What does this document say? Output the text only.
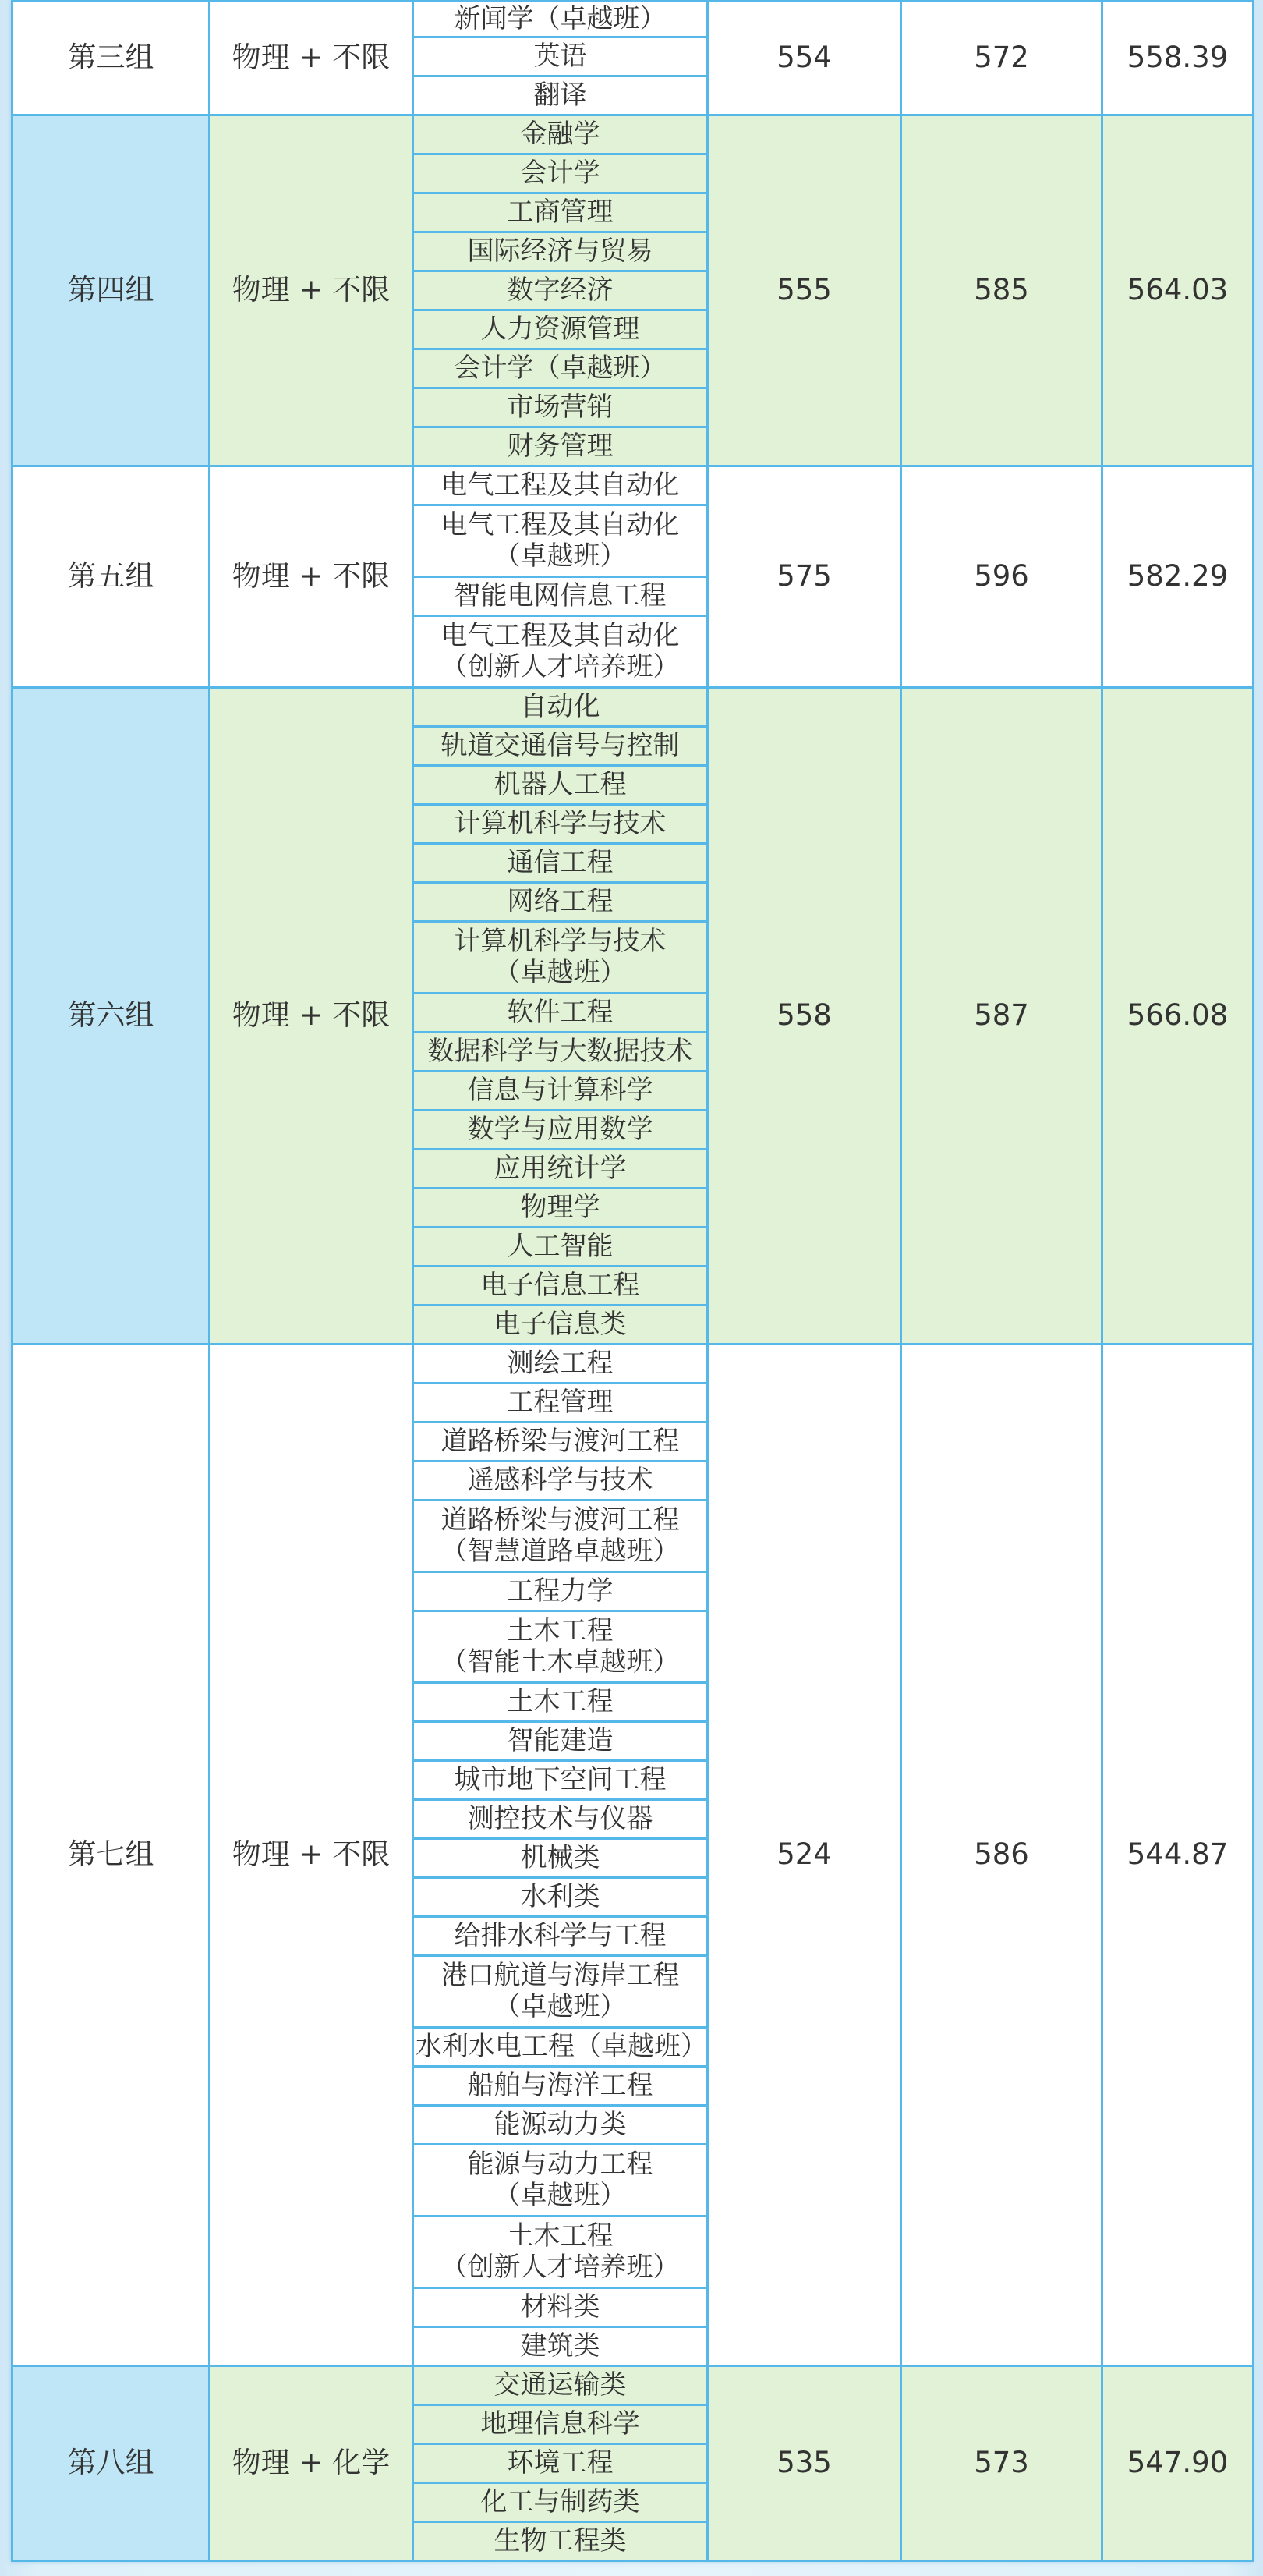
第三组	物理 + 不限	新闻学（卓越班）	554	572	558.39
		英语			
		翻译			
第四组	物理 + 不限	金融学	555	585	564.03
		会计学			
		工商管理			
		国际经济与贸易			
		数字经济			
		人力资源管理			
		会计学（卓越班）			
		市场营销			
		财务管理			
第五组	物理 + 不限	电气工程及其自动化	575	596	582.29
		电气工程及其自动化
（卓越班）			
		智能电网信息工程			
		电气工程及其自动化
（创新人才培养班）			
第六组	物理 + 不限	自动化	558	587	566.08
		轨道交通信号与控制			
		机器人工程			
		计算机科学与技术			
		通信工程			
		网络工程			
		计算机科学与技术
（卓越班）			
		软件工程			
		数据科学与大数据技术			
		信息与计算科学			
		数学与应用数学			
		应用统计学			
		物理学			
		人工智能			
		电子信息工程			
		电子信息类			
第七组	物理 + 不限	测绘工程	524	586	544.87
		工程管理			
		道路桥梁与渡河工程			
		遥感科学与技术			
		道路桥梁与渡河工程
（智慧道路卓越班）			
		工程力学			
		土木工程
（智能土木卓越班）			
		土木工程			
		智能建造			
		城市地下空间工程			
		测控技术与仪器			
		机械类			
		水利类			
		给排水科学与工程			
		港口航道与海岸工程
（卓越班）			
		水利水电工程（卓越班）			
		船舶与海洋工程			
		能源动力类			
		能源与动力工程
（卓越班）			
		土木工程
（创新人才培养班）			
		材料类			
		建筑类			
第八组	物理 + 化学	交通运输类	535	573	547.90
		地理信息科学			
		环境工程			
		化工与制药类			
		生物工程类			
